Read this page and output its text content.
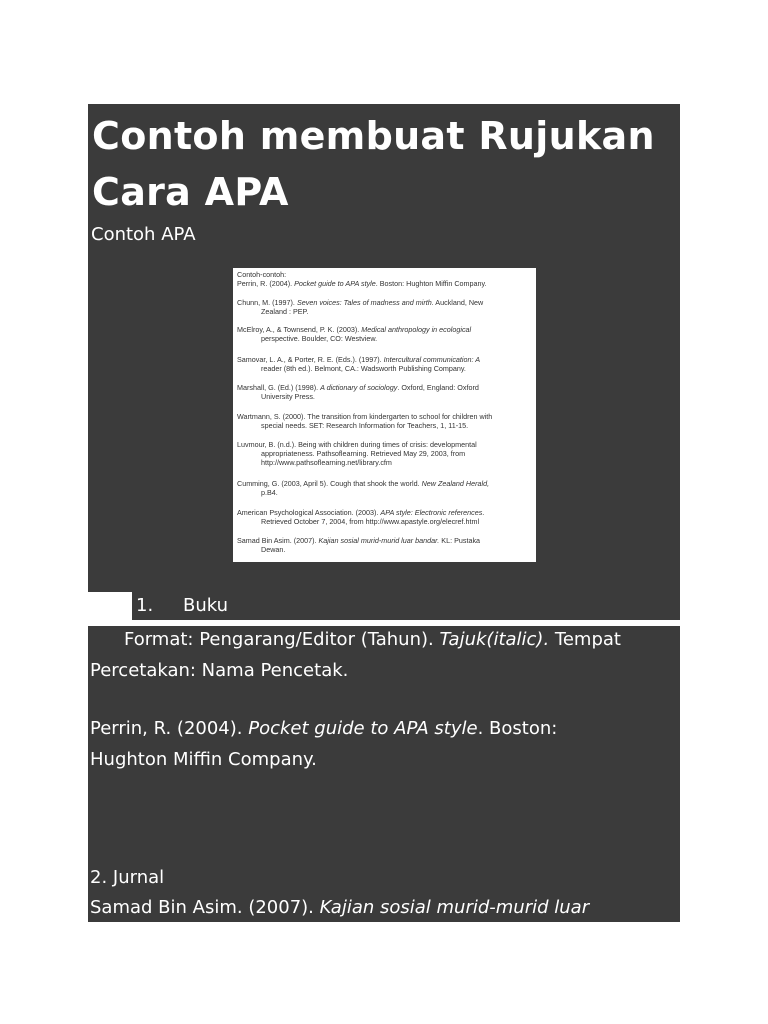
Contoh membuat Rujukan Cara APA
Contoh APA
Contoh-contoh:
Perrin, R. (2004). Pocket guide to APA style. Boston: Hughton Miffin Company.
Chunn, M. (1997). Seven voices: Tales of madness and mirth. Auckland, New
Zealand : PEP.
McElroy, A., & Townsend, P. K. (2003). Medical anthropology in ecological
perspective. Boulder, CO: Westview.
Samovar, L. A., & Porter, R. E. (Eds.). (1997). Intercultural communication: A
reader (8th ed.). Belmont, CA.: Wadsworth Publishing Company.
Marshall, G. (Ed.) (1998). A dictionary of sociology. Oxford, England: Oxford
University Press.
Wartmann, S. (2000). The transition from kindergarten to school for children with
special needs. SET: Research Information for Teachers, 1, 11-15.
Luvmour, B. (n.d.). Being with children during times of crisis: developmental
appropriateness. Pathsoflearning. Retrieved May 29, 2003, from http://www.pathsoflearning.net/library.cfm
Cumming, G. (2003, April 5). Cough that shook the world. New Zealand Herald,
p.B4.
American Psychological Association. (2003). APA style: Electronic references.
Retrieved October 7, 2004, from http://www.apastyle.org/elecref.html
Samad Bin Asim. (2007). Kajian sosial murid-murid luar bandar. KL: Pustaka
Dewan.
1. Buku
Format: Pengarang/Editor (Tahun). Tajuk(italic). Tempat
Percetakan: Nama Pencetak.
Perrin, R. (2004). Pocket guide to APA style. Boston:
Hughton Miffin Company.
2. Jurnal
Samad Bin Asim. (2007). Kajian sosial murid-murid luar
